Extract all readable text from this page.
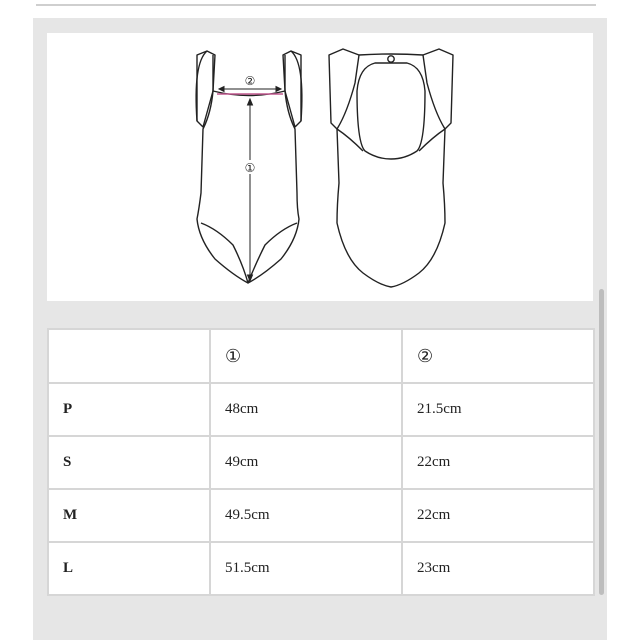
②
①
	①	②
P	48cm	21.5cm
S	49cm	22cm
M	49.5cm	22cm
L	51.5cm	23cm
